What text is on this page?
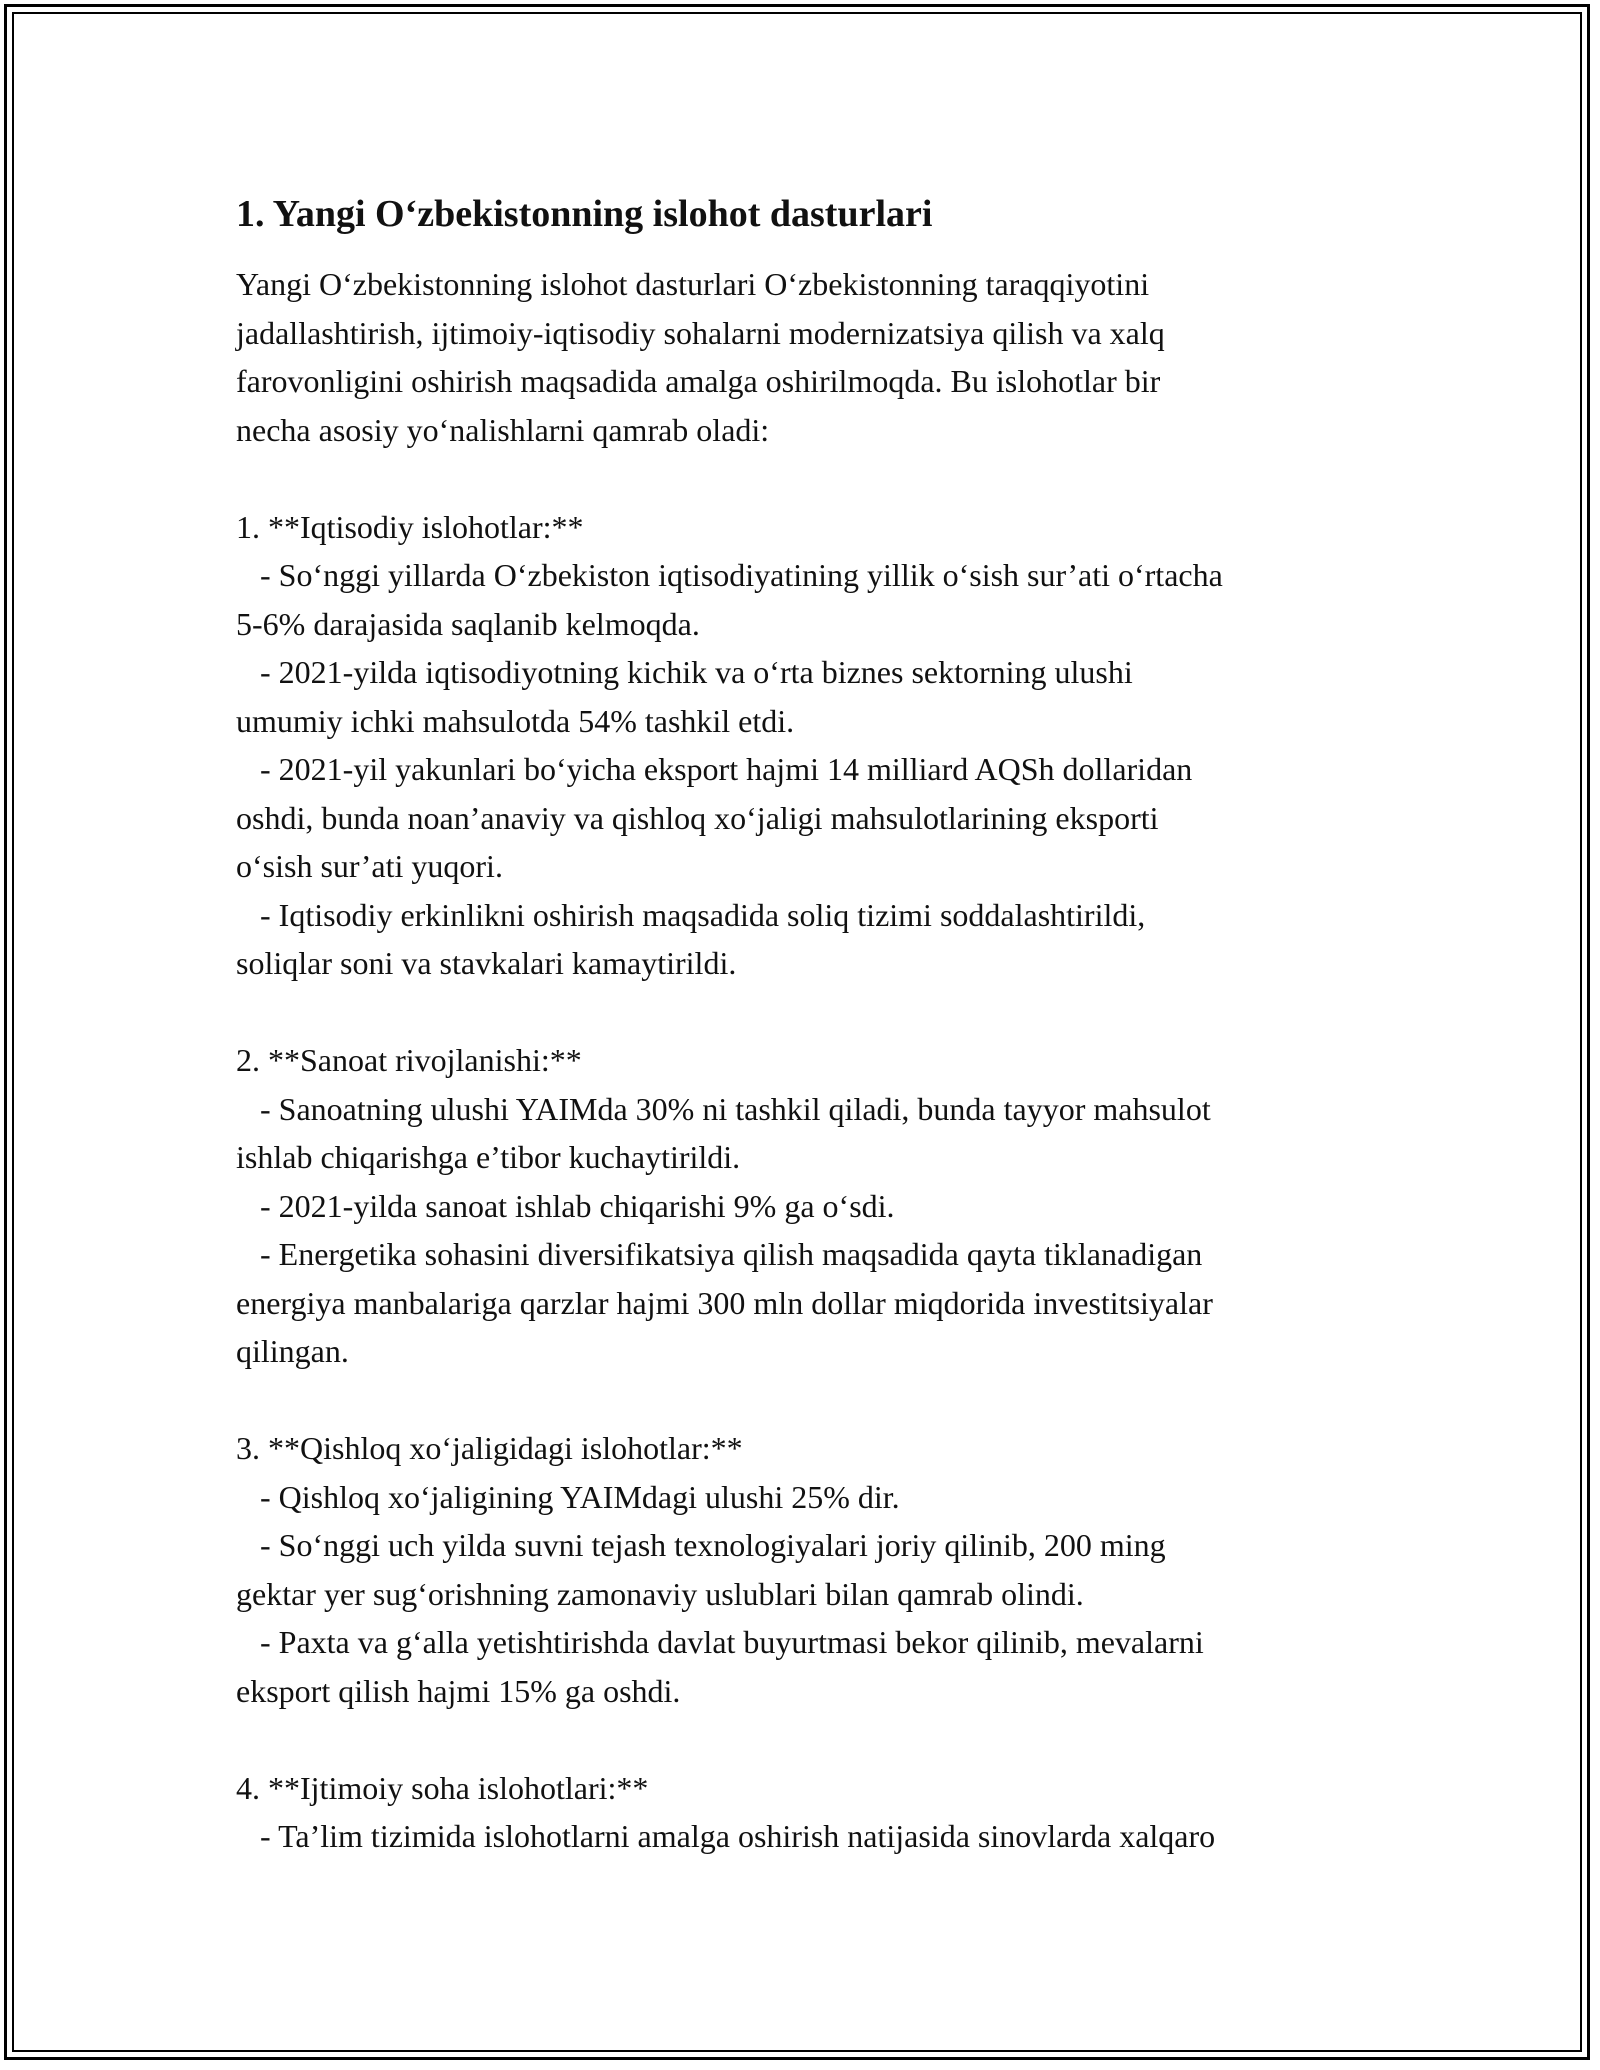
1. Yangi O‘zbekistonning islohot dasturlari
Yangi O‘zbekistonning islohot dasturlari O‘zbekistonning taraqqiyotini
jadallashtirish, ijtimoiy-iqtisodiy sohalarni modernizatsiya qilish va xalq
farovonligini oshirish maqsadida amalga oshirilmoqda. Bu islohotlar bir
necha asosiy yo‘nalishlarni qamrab oladi:
1. **Iqtisodiy islohotlar:**
- So‘nggi yillarda O‘zbekiston iqtisodiyatining yillik o‘sish sur’ati o‘rtacha
5-6% darajasida saqlanib kelmoqda.
- 2021-yilda iqtisodiyotning kichik va o‘rta biznes sektorning ulushi
umumiy ichki mahsulotda 54% tashkil etdi.
- 2021-yil yakunlari bo‘yicha eksport hajmi 14 milliard AQSh dollaridan
oshdi, bunda noan’anaviy va qishloq xo‘jaligi mahsulotlarining eksporti
o‘sish sur’ati yuqori.
- Iqtisodiy erkinlikni oshirish maqsadida soliq tizimi soddalashtirildi,
soliqlar soni va stavkalari kamaytirildi.
2. **Sanoat rivojlanishi:**
- Sanoatning ulushi YAIMda 30% ni tashkil qiladi, bunda tayyor mahsulot
ishlab chiqarishga e’tibor kuchaytirildi.
- 2021-yilda sanoat ishlab chiqarishi 9% ga o‘sdi.
- Energetika sohasini diversifikatsiya qilish maqsadida qayta tiklanadigan
energiya manbalariga qarzlar hajmi 300 mln dollar miqdorida investitsiyalar
qilingan.
3. **Qishloq xo‘jaligidagi islohotlar:**
- Qishloq xo‘jaligining YAIMdagi ulushi 25% dir.
- So‘nggi uch yilda suvni tejash texnologiyalari joriy qilinib, 200 ming
gektar yer sug‘orishning zamonaviy uslublari bilan qamrab olindi.
- Paxta va g‘alla yetishtirishda davlat buyurtmasi bekor qilinib, mevalarni
eksport qilish hajmi 15% ga oshdi.
4. **Ijtimoiy soha islohotlari:**
- Ta’lim tizimida islohotlarni amalga oshirish natijasida sinovlarda xalqaro
